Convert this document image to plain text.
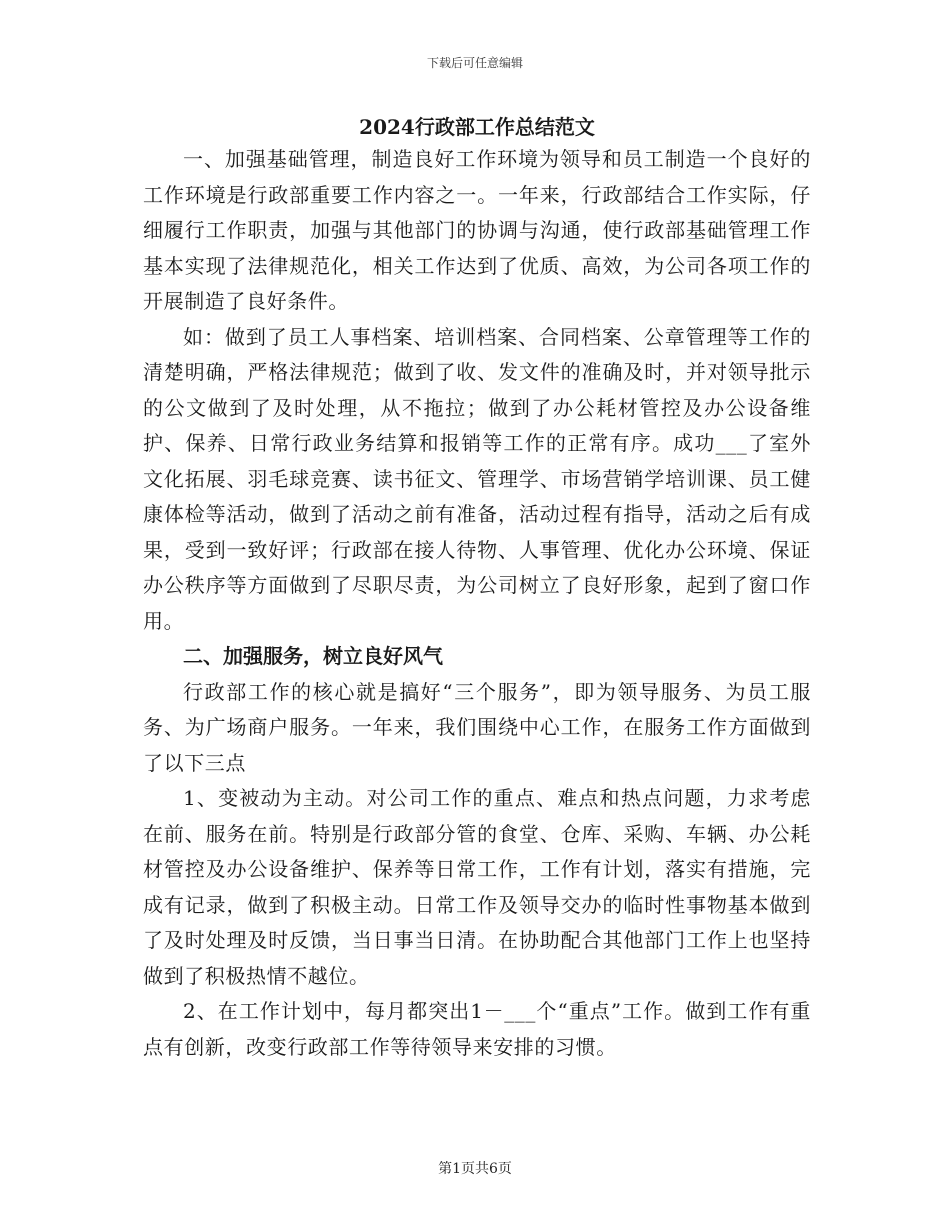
下载后可任意编辑
2024行政部工作总结范文

一、加强基础管理，制造良好工作环境为领导和员工制造一个良好的工作环境是行政部重要工作内容之一。一年来，行政部结合工作实际，仔细履行工作职责，加强与其他部门的协调与沟通，使行政部基础管理工作基本实现了法律规范化，相关工作达到了优质、高效，为公司各项工作的开展制造了良好条件。

如：做到了员工人事档案、培训档案、合同档案、公章管理等工作的清楚明确，严格法律规范；做到了收、发文件的准确及时，并对领导批示的公文做到了及时处理，从不拖拉；做到了办公耗材管控及办公设备维护、保养、日常行政业务结算和报销等工作的正常有序。成功___了室外文化拓展、羽毛球竞赛、读书征文、管理学、市场营销学培训课、员工健康体检等活动，做到了活动之前有准备，活动过程有指导，活动之后有成果，受到一致好评；行政部在接人待物、人事管理、优化办公环境、保证办公秩序等方面做到了尽职尽责，为公司树立了良好形象，起到了窗口作用。

二、加强服务，树立良好风气

行政部工作的核心就是搞好“三个服务”，即为领导服务、为员工服务、为广场商户服务。一年来，我们围绕中心工作，在服务工作方面做到了以下三点

1、变被动为主动。对公司工作的重点、难点和热点问题，力求考虑在前、服务在前。特别是行政部分管的食堂、仓库、采购、车辆、办公耗材管控及办公设备维护、保养等日常工作，工作有计划，落实有措施，完成有记录，做到了积极主动。日常工作及领导交办的临时性事物基本做到了及时处理及时反馈，当日事当日清。在协助配合其他部门工作上也坚持做到了积极热情不越位。

2、在工作计划中，每月都突出1－___个“重点”工作。做到工作有重点有创新，改变行政部工作等待领导来安排的习惯。

第1页共6页
